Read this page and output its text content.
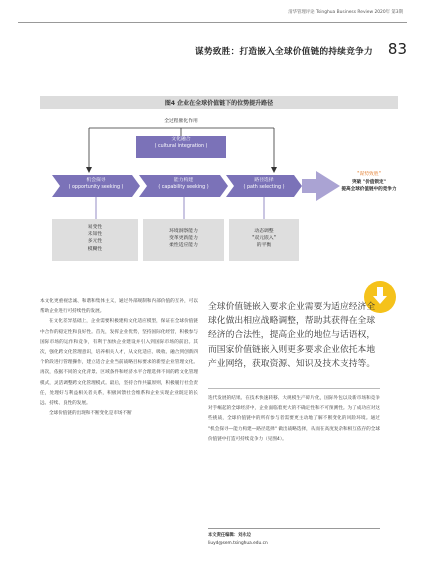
清华管理评论 Tsinghua Business Review 2020年 第3期
谋势致胜：打造嵌入全球价值链的持续竞争力 83
图4 企业在全球价值链下的位势提升路径
全过程催化作用
文化融合
( cultural integration )
机会探寻
( opportunity seeking )
能力构建
( capability seeking )
路径选择
( path selecting )
"谋势致胜"
突破 "价值锁定"
提高全球价值链中的竞争力
易变性
未知性
多元性
模糊性
环境洞察能力
变革更新能力
柔性适应能力
动态调整
"双元嵌入"
的平衡

本文化更重视忠诚、和谐和集体主义，通过外部规制和内部价值的互补，可以帮助企业进行可持续性的发展。

在文化差异基础上，企业需要积极建构文化适应模型，保证在全球价值链中合作的稳定性和良好性。首先，发挥企业优势，坚持国际化经营，积极参与国际市场的运作和竞争，有利于加快企业建设并引入到国际市场的前沿。其次，强化跨文化管理意识，培养相关人才，从文化适应、吸收、融合到创新四个阶段进行管理操作，建立适合企业当前战略目标要求的新型企业管理文化。再次，依据不同的文化背景、区域条件和经济水平合理选择不同的跨文化管理模式，灵活调整跨文化管理模式。最后，坚持合作共赢原则，积极履行社会责任，处理好与利益相关者关系，积极回馈社会维系和企业实现企业既定的长远、持续、良性的发展。

全球价值链的出现和不断变化是市场不断

全球价值链嵌入要求企业需要为适应经济全球化做出相应战略调整，帮助其获得在全球经济的合法性，提高企业的地位与话语权，而国家价值链嵌入则更多要求企业依托本地产业网络，获取资源、知识及技术支持等。

迭代发展的结果。在技术快速转移、大规模生产碎片化，国际外包以及新市场和竞争对手崛起的全球经济中，企业面临着更大的不确定性和不可预测性。为了成功应对这些挑战，全球价值链中的所有参与者需要更主动地了解不断变化的风险环境。通过 "机会探寻—能力构建—路径选择" 做出战略选择，从而在高度复杂和相互依存的全球价值链中打造可持续竞争力（见图4）。

本文责任编辑：刘永边
liuyd@sem.tsinghua.edu.cn
